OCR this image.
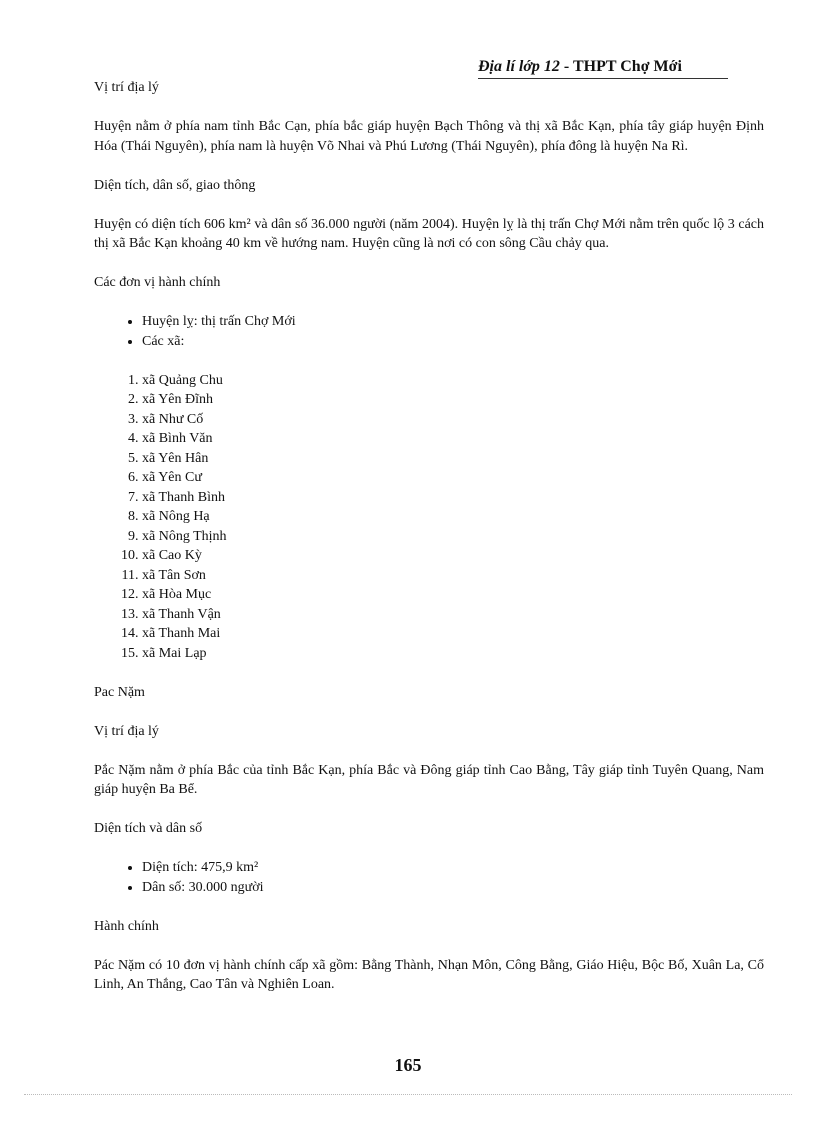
Địa lí lớp 12 - THPT Chợ Mới

Vị trí địa lý

Huyện nằm ở phía nam tỉnh Bắc Cạn, phía bắc giáp huyện Bạch Thông và thị xã Bắc Kạn, phía tây giáp huyện Định Hóa (Thái Nguyên), phía nam là huyện Võ Nhai và Phú Lương (Thái Nguyên), phía đông là huyện Na Rì.

Diện tích, dân số, giao thông

Huyện có diện tích 606 km² và dân số 36.000 người (năm 2004). Huyện lỵ là thị trấn Chợ Mới nằm trên quốc lộ 3 cách thị xã Bắc Kạn khoảng 40 km về hướng nam. Huyện cũng là nơi có con sông Cầu chảy qua.

Các đơn vị hành chính

• Huyện lỵ: thị trấn Chợ Mới
• Các xã:
1. xã Quảng Chu
2. xã Yên Đĩnh
3. xã Như Cố
4. xã Bình Văn
5. xã Yên Hân
6. xã Yên Cư
7. xã Thanh Bình
8. xã Nông Hạ
9. xã Nông Thịnh
10. xã Cao Kỳ
11. xã Tân Sơn
12. xã Hòa Mục
13. xã Thanh Vận
14. xã Thanh Mai
15. xã Mai Lạp

Pac Nặm

Vị trí địa lý

Pắc Nặm nằm ở phía Bắc của tỉnh Bắc Kạn, phía Bắc và Đông giáp tỉnh Cao Bằng, Tây giáp tỉnh Tuyên Quang, Nam giáp huyện Ba Bể.

Diện tích và dân số

• Diện tích: 475,9 km²
• Dân số: 30.000 người

Hành chính

Pác Nặm có 10 đơn vị hành chính cấp xã gồm: Bằng Thành, Nhạn Môn, Công Bằng, Giáo Hiệu, Bộc Bố, Xuân La, Cổ Linh, An Thắng, Cao Tân và Nghiên Loan.

165
